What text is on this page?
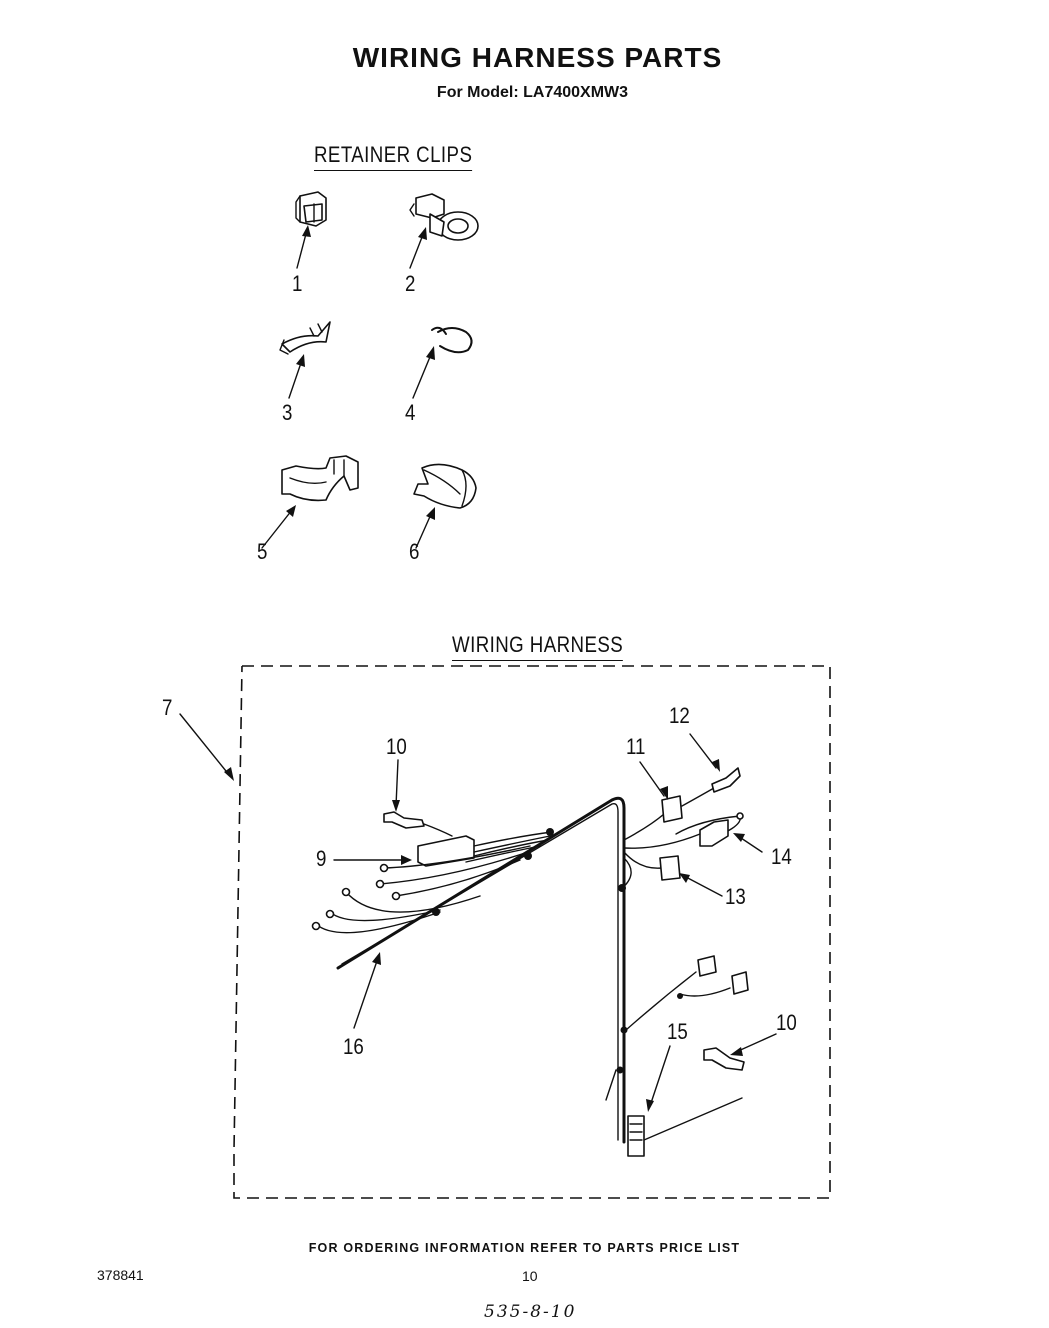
WIRING HARNESS PARTS
For Model: LA7400XMW3
RETAINER CLIPS
WIRING HARNESS
1	2
3	4
5	6
7
9
10	11
12
13
14
15
16
10
FOR ORDERING INFORMATION REFER TO PARTS PRICE LIST
378841	10
535-8-10
